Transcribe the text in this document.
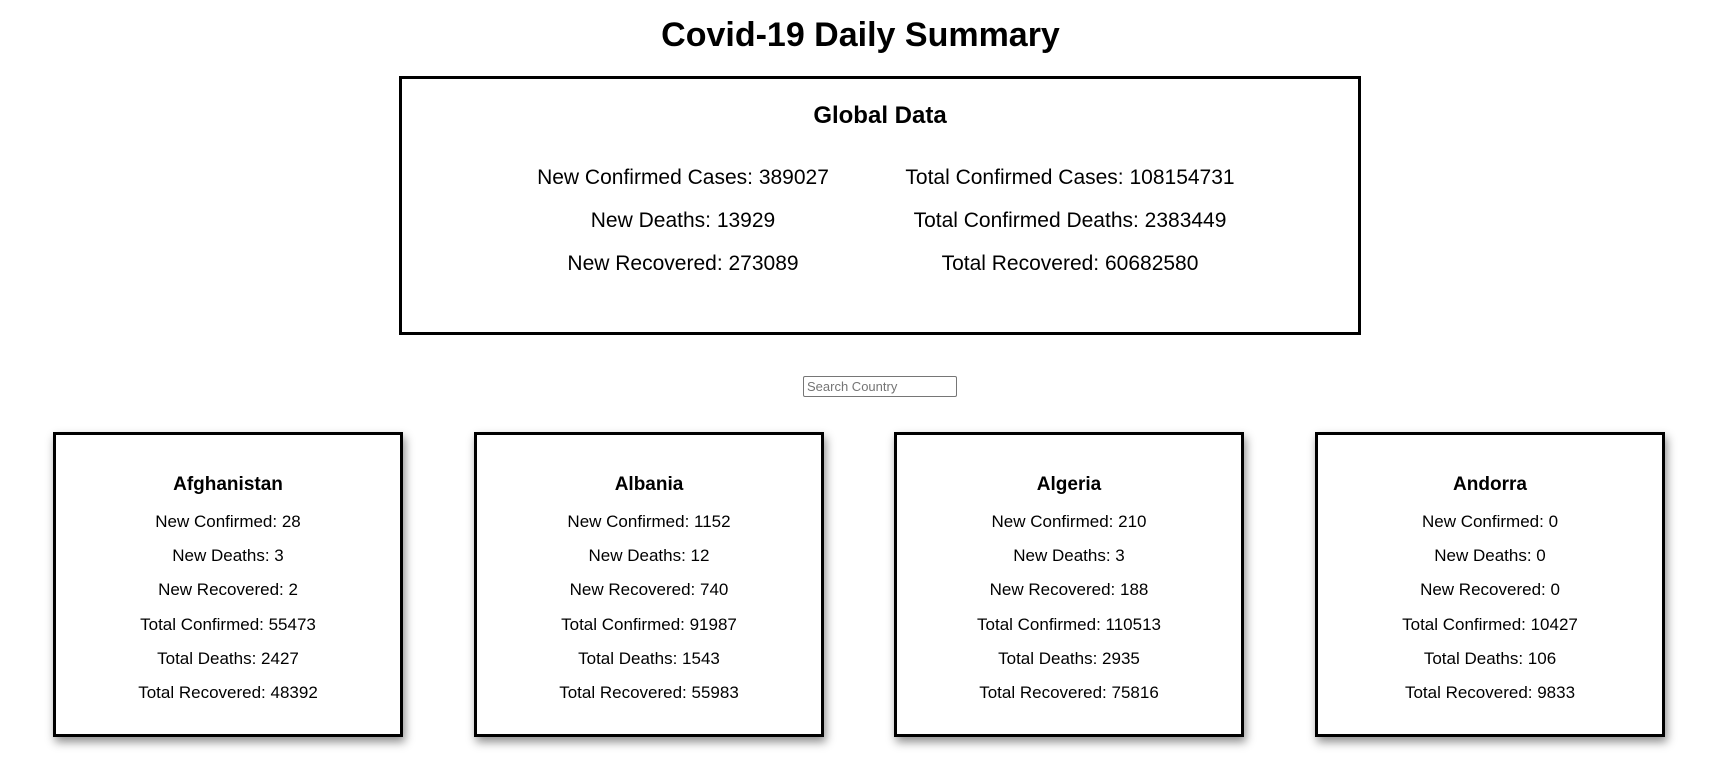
Covid-19 Daily Summary
Global Data
New Confirmed Cases: 389027
New Deaths: 13929
New Recovered: 273089
Total Confirmed Cases: 108154731
Total Confirmed Deaths: 2383449
Total Recovered: 60682580
Search Country
Afghanistan
New Confirmed: 28
New Deaths: 3
New Recovered: 2
Total Confirmed: 55473
Total Deaths: 2427
Total Recovered: 48392
Albania
New Confirmed: 1152
New Deaths: 12
New Recovered: 740
Total Confirmed: 91987
Total Deaths: 1543
Total Recovered: 55983
Algeria
New Confirmed: 210
New Deaths: 3
New Recovered: 188
Total Confirmed: 110513
Total Deaths: 2935
Total Recovered: 75816
Andorra
New Confirmed: 0
New Deaths: 0
New Recovered: 0
Total Confirmed: 10427
Total Deaths: 106
Total Recovered: 9833
